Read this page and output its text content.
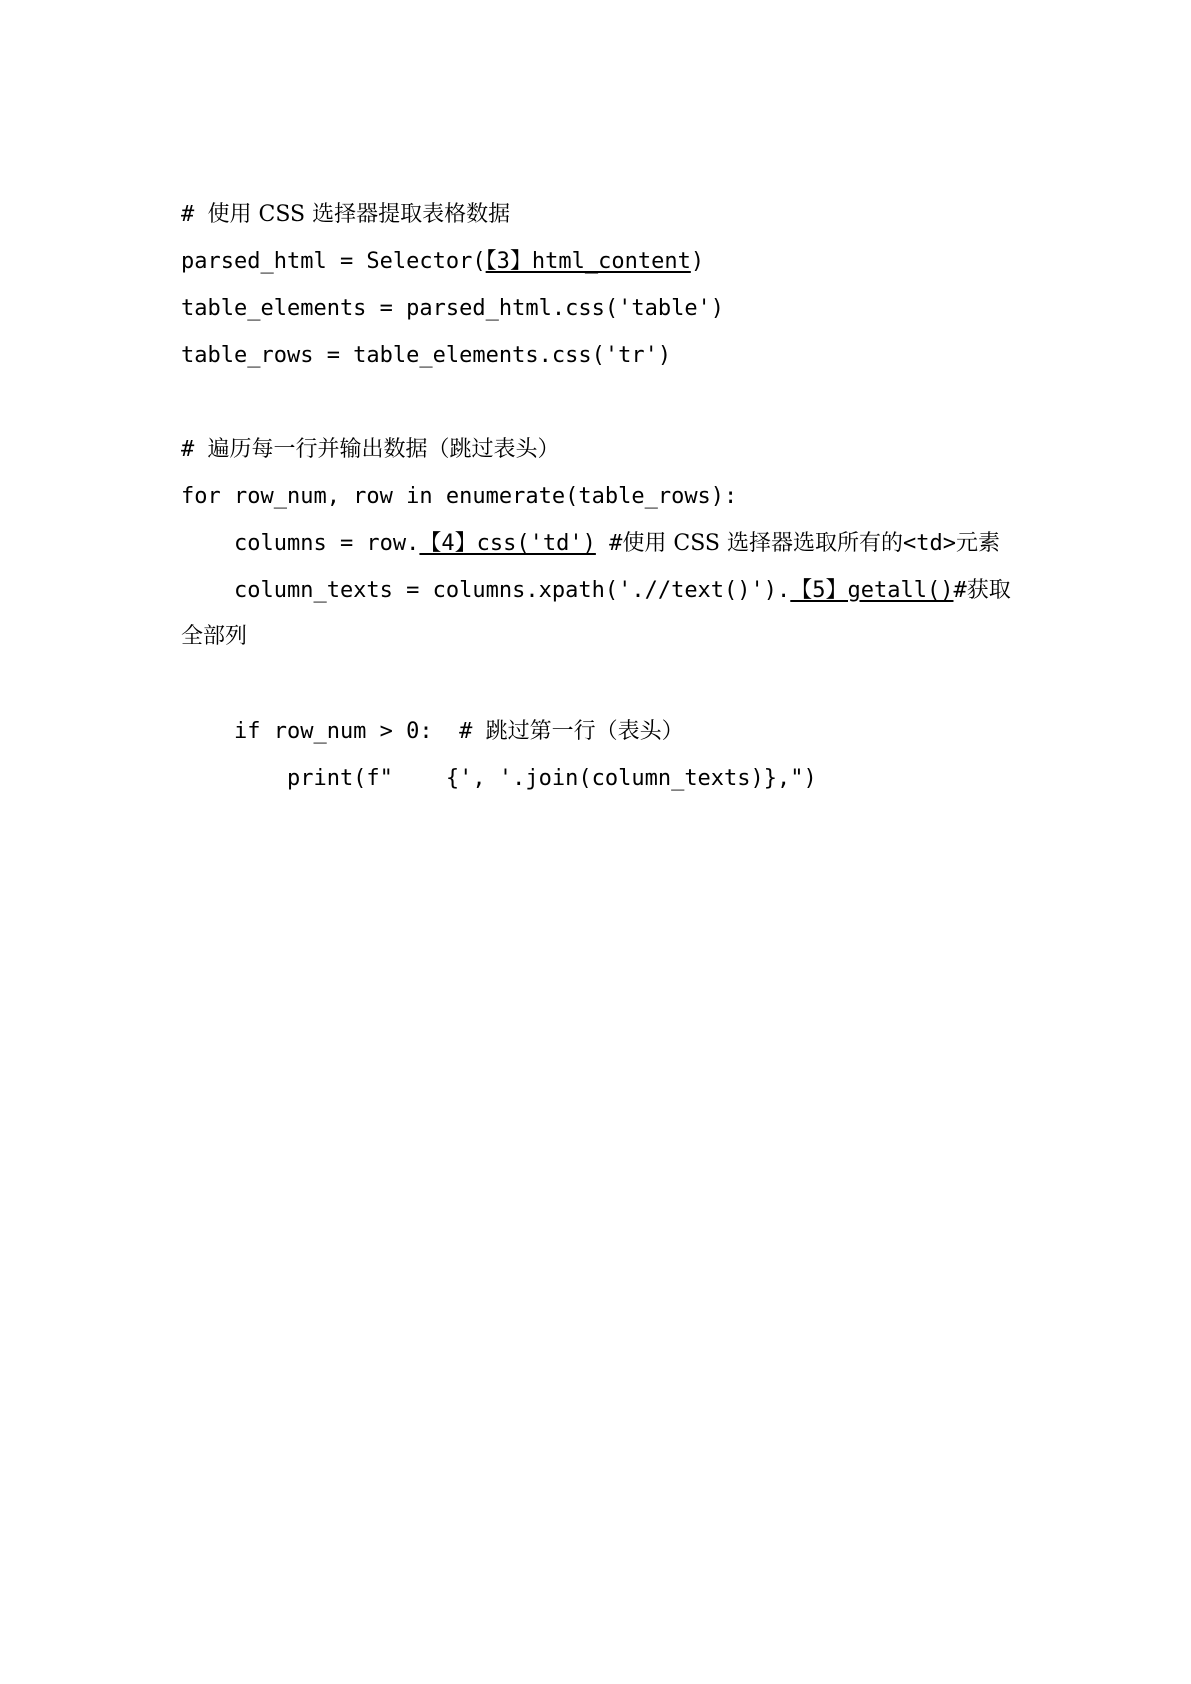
# 使用 CSS 选择器提取表格数据
parsed_html = Selector(【3】html_content)
table_elements = parsed_html.css('table')
table_rows = table_elements.css('tr')
# 遍历每一行并输出数据（跳过表头）
for row_num, row in enumerate(table_rows):
columns = row.【4】css('td') #使用 CSS 选择器选取所有的<td>元素
column_texts = columns.xpath('.//text()').【5】getall()#获取
全部列
if row_num > 0:  # 跳过第一行（表头）
print(f"    {', '.join(column_texts)},")
